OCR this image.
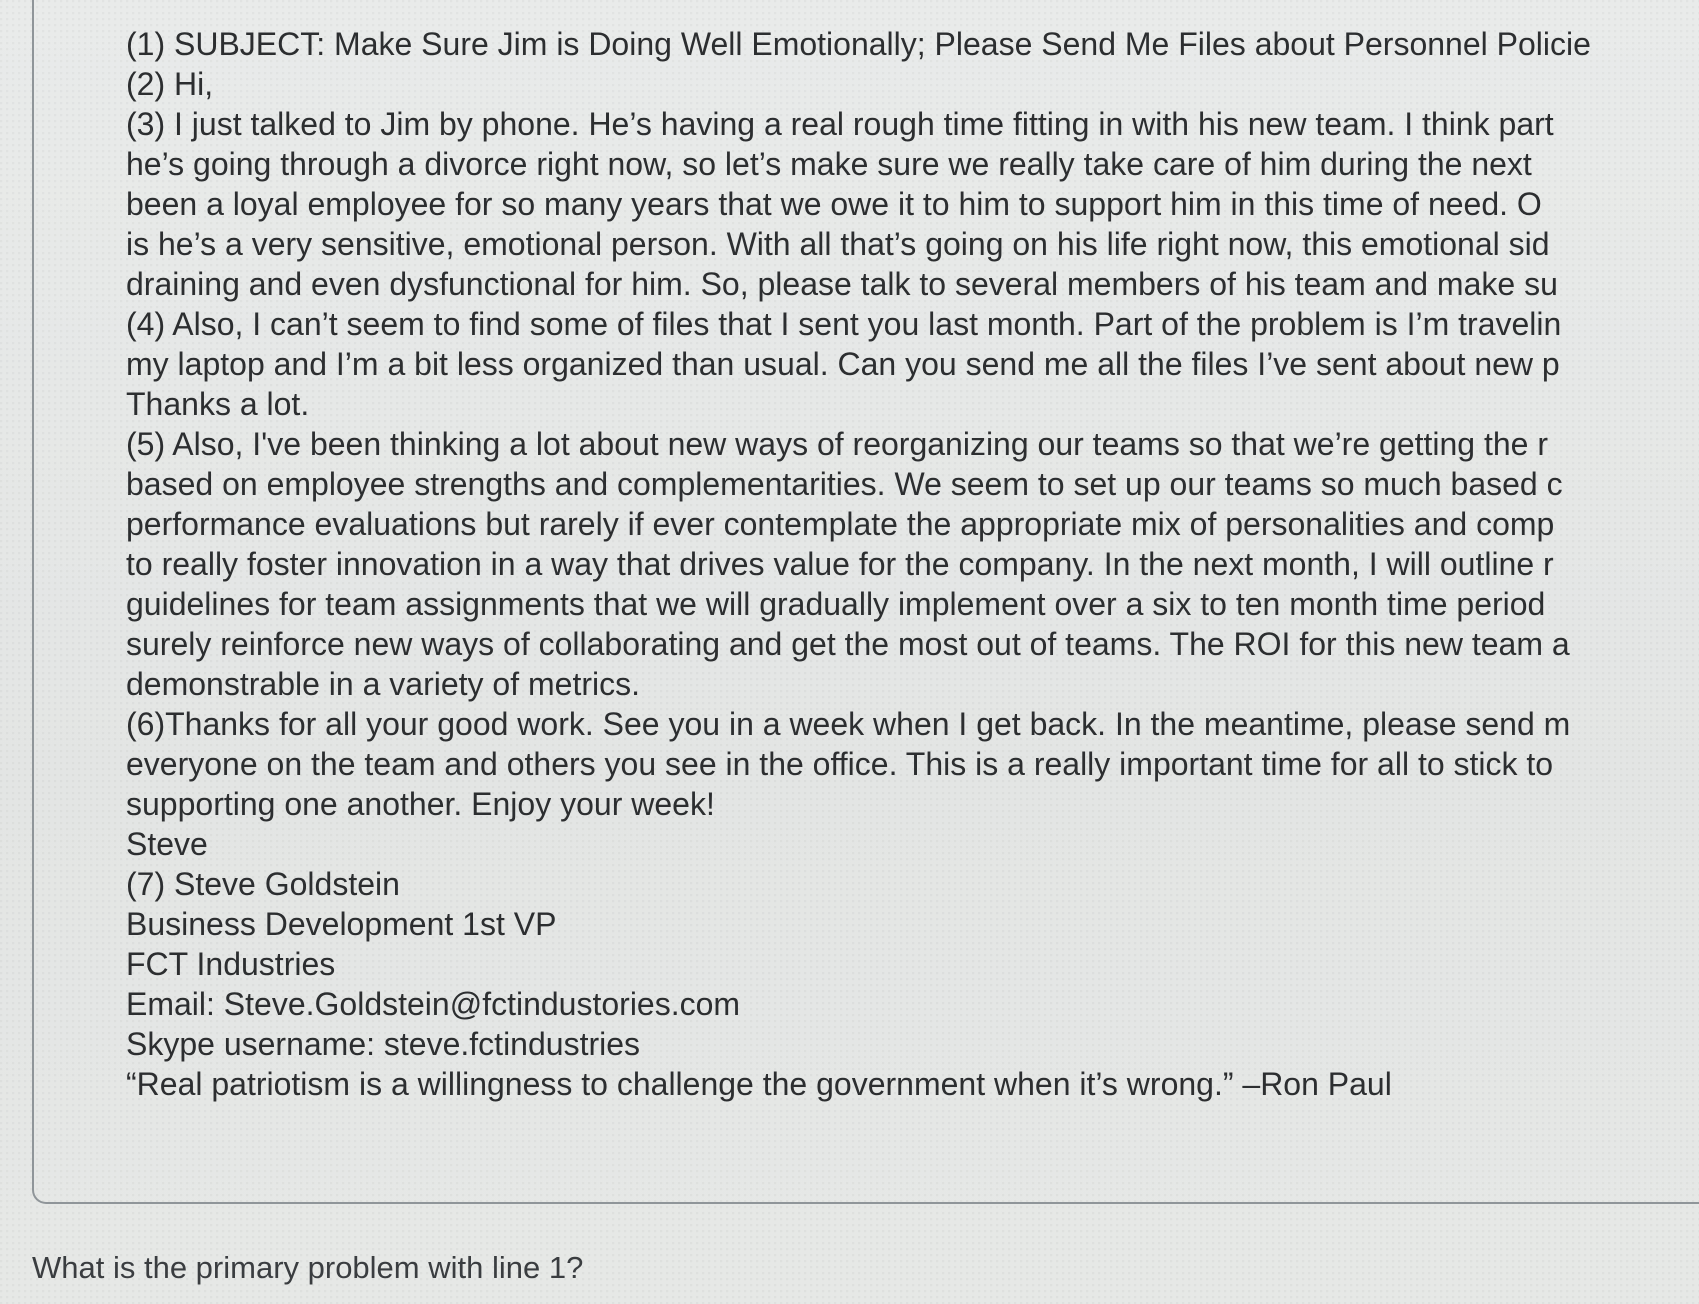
(1) SUBJECT: Make Sure Jim is Doing Well Emotionally; Please Send Me Files about Personnel Policie
(2) Hi,
(3) I just talked to Jim by phone. He’s having a real rough time fitting in with his new team. I think part
he’s going through a divorce right now, so let’s make sure we really take care of him during the next
been a loyal employee for so many years that we owe it to him to support him in this time of need. O
is he’s a very sensitive, emotional person. With all that’s going on his life right now, this emotional sid
draining and even dysfunctional for him. So, please talk to several members of his team and make su
(4) Also, I can’t seem to find some of files that I sent you last month. Part of the problem is I’m travelin
my laptop and I’m a bit less organized than usual. Can you send me all the files I’ve sent about new p
Thanks a lot.
(5) Also, I've been thinking a lot about new ways of reorganizing our teams so that we’re getting the r
based on employee strengths and complementarities. We seem to set up our teams so much based c
performance evaluations but rarely if ever contemplate the appropriate mix of personalities and comp
to really foster innovation in a way that drives value for the company. In the next month, I will outline r
guidelines for team assignments that we will gradually implement over a six to ten month time period
surely reinforce new ways of collaborating and get the most out of teams. The ROI for this new team a
demonstrable in a variety of metrics.
(6)Thanks for all your good work. See you in a week when I get back. In the meantime, please send m
everyone on the team and others you see in the office. This is a really important time for all to stick to
supporting one another. Enjoy your week!
Steve
(7) Steve Goldstein
Business Development 1st VP
FCT Industries
Email: Steve.Goldstein@fctindustories.com
Skype username: steve.fctindustries
“Real patriotism is a willingness to challenge the government when it’s wrong.” –Ron Paul
What is the primary problem with line 1?
